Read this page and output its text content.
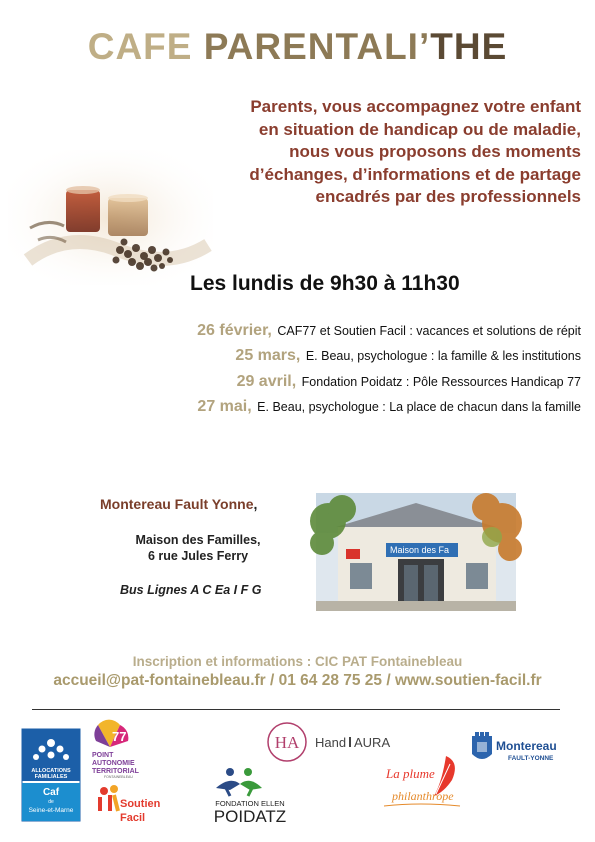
CAFE PARENTALI’THE
Parents, vous accompagnez votre enfant
en situation de handicap ou de maladie,
nous vous proposons des moments
d’échanges, d’informations et de partage
encadrés par des professionnels
Les lundis de 9h30 à 11h30
26 février, CAF77 et Soutien Facil : vacances et solutions de répit
25 mars, E. Beau, psychologue : la famille & les institutions
29 avril, Fondation Poidatz : Pôle Ressources Handicap 77
27 mai, E. Beau, psychologue : La place de chacun dans la famille
Montereau Fault Yonne,
Maison des Familles,
6 rue Jules Ferry
Bus Lignes A C Ea I F G
Maison des Fa
Inscription et informations : CIC PAT Fontainebleau
accueil@pat-fontainebleau.fr / 01 64 28 75 25 / www.soutien-facil.fr
ALLOCATIONS
FAMILIALES
Caf
de
Seine-et-Marne
77
POINT
AUTONOMIE
TERRITORIAL
FONTAINEBLEAU
Soutien
Facil
HA Hand AURA
FONDATION ELLEN
POIDATZ
La plume
philanthrope
Montereau
FAULT-YONNE
